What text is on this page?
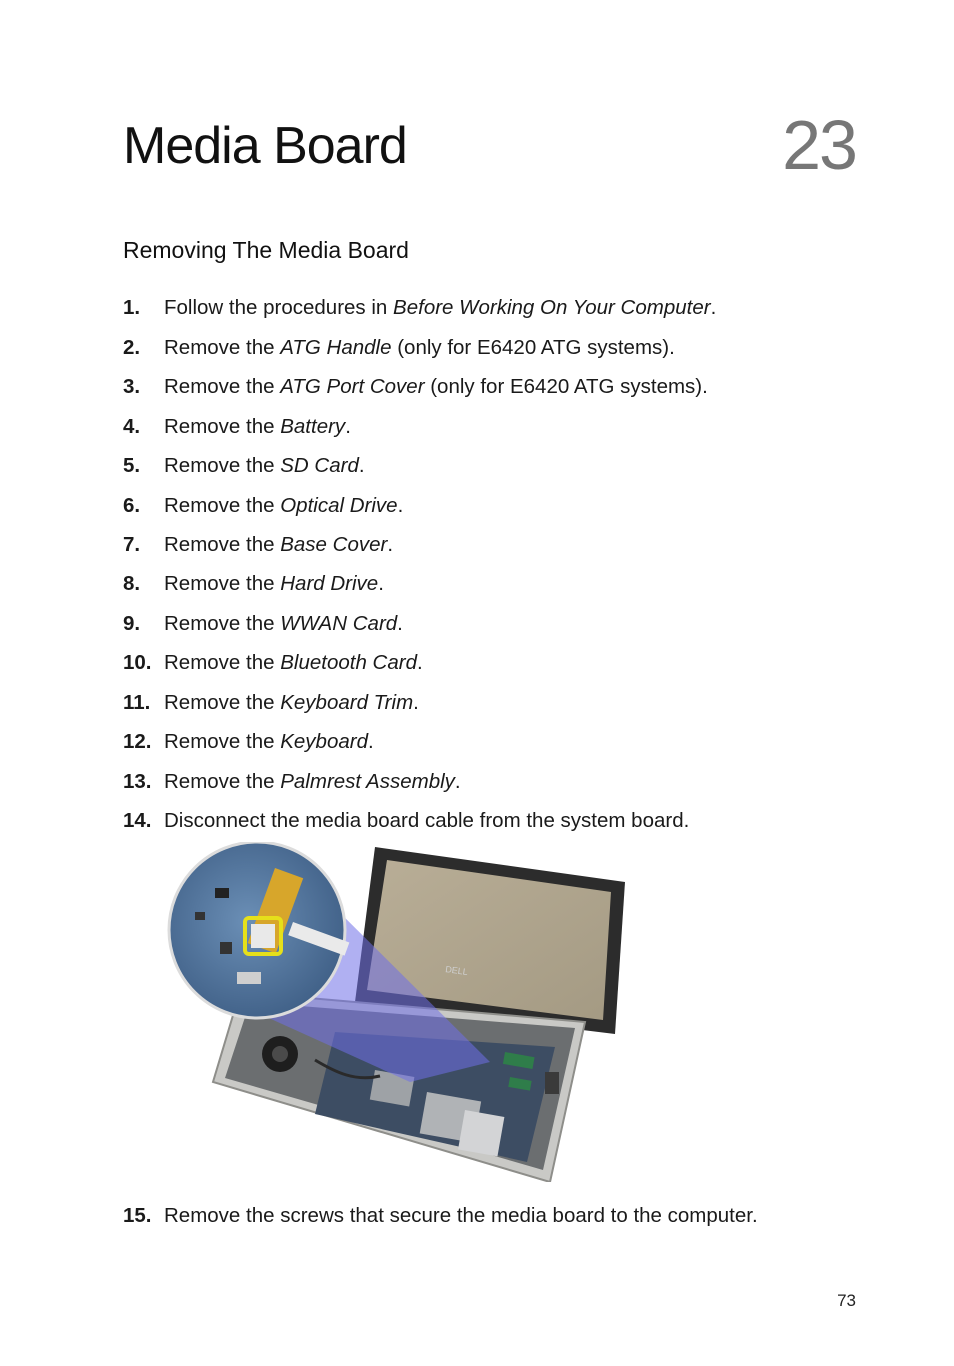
Media Board	23
Removing The Media Board
1. Follow the procedures in Before Working On Your Computer.
2. Remove the ATG Handle (only for E6420 ATG systems).
3. Remove the ATG Port Cover (only for E6420 ATG systems).
4. Remove the Battery.
5. Remove the SD Card.
6. Remove the Optical Drive.
7. Remove the Base Cover.
8. Remove the Hard Drive.
9. Remove the WWAN Card.
10. Remove the Bluetooth Card.
11. Remove the Keyboard Trim.
12. Remove the Keyboard.
13. Remove the Palmrest Assembly.
14. Disconnect the media board cable from the system board.
15. Remove the screws that secure the media board to the computer.
DELL
73
